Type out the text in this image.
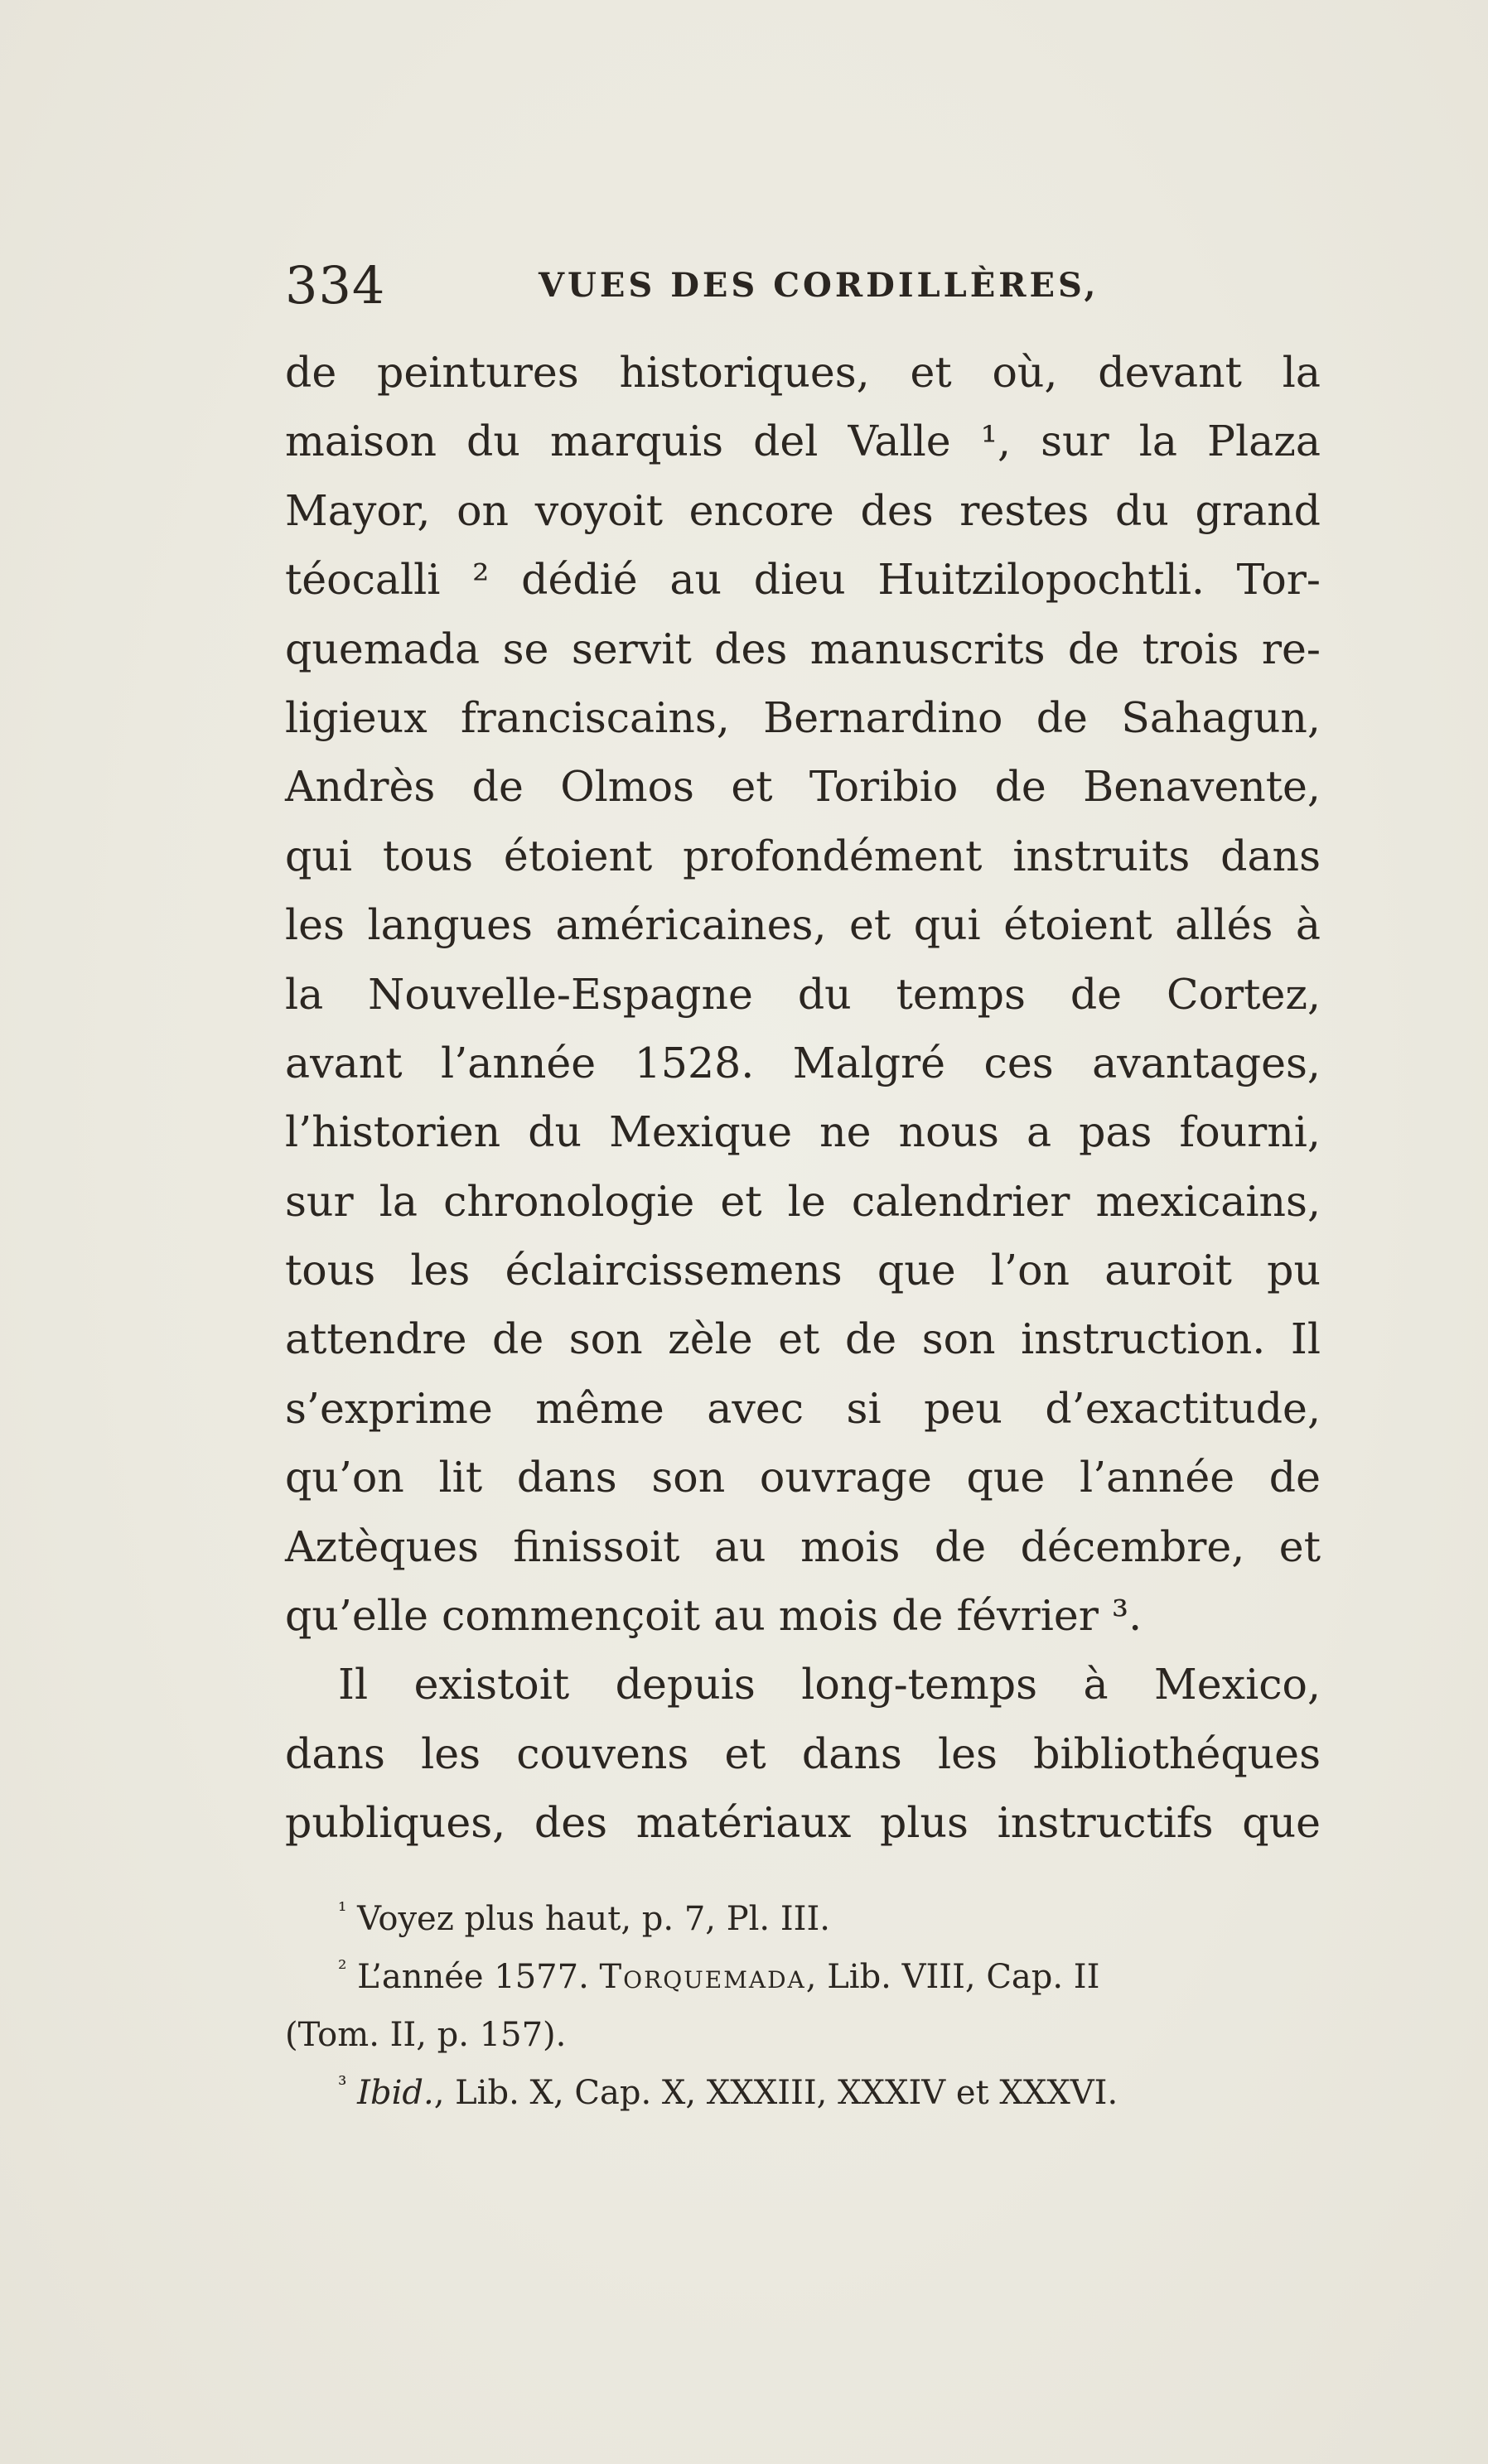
334	VUES DES CORDILLÈRES,
de peintures historiques, et où, devant la
maison du marquis del Valle ¹, sur la Plaza
Mayor, on voyoit encore des restes du grand
téocalli ² dédié au dieu Huitzilopochtli. Tor-
quemada se servit des manuscrits de trois re-
ligieux franciscains, Bernardino de Sahagun,
Andrès de Olmos et Toribio de Benavente,
qui tous étoient profondément instruits dans
les langues américaines, et qui étoient allés à
la Nouvelle-Espagne du temps de Cortez,
avant l’année 1528. Malgré ces avantages,
l’historien du Mexique ne nous a pas fourni,
sur la chronologie et le calendrier mexicains,
tous les éclaircissemens que l’on auroit pu
attendre de son zèle et de son instruction. Il
s’exprime même avec si peu d’exactitude,
qu’on lit dans son ouvrage que l’année de
Aztèques finissoit au mois de décembre, et
qu’elle commençoit au mois de février ³.
Il existoit depuis long-temps à Mexico,
dans les couvens et dans les bibliothéques
publiques, des matériaux plus instructifs que
$^{^1}$ Voyez plus haut, p. 7, Pl. III.
$^{^2}$ L’année 1577. Torquemada, Lib. VIII, Cap. II
(Tom. II, p. 157).
$^{^3}$ Ibid., Lib. X, Cap. X, XXXIII, XXXIV et XXXVI.
